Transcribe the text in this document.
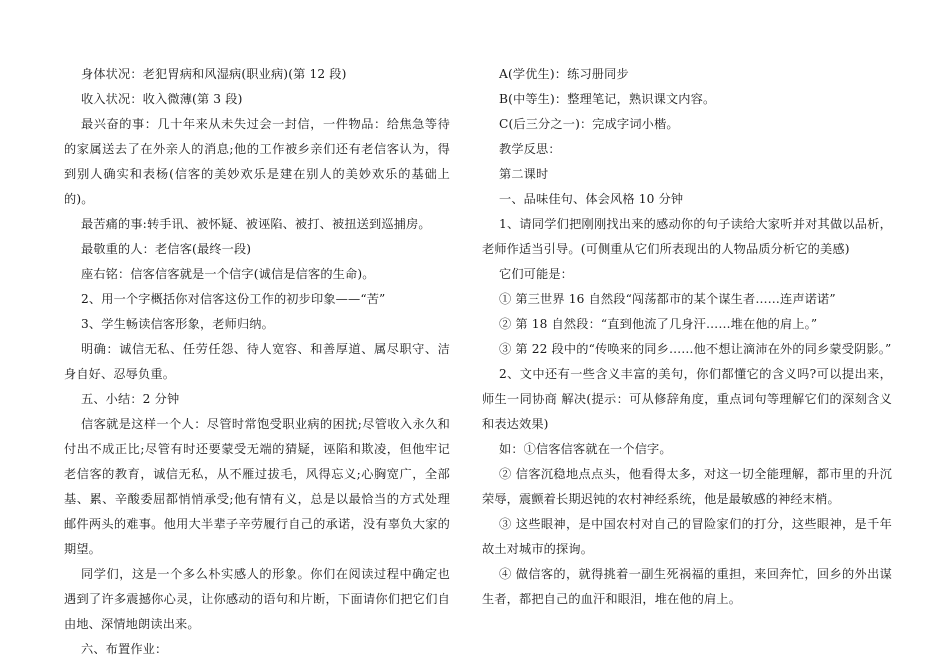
身体状况：老犯胃病和风湿病(职业病)(第 12 段)

收入状况：收入微薄(第 3 段)

最兴奋的事：几十年来从未失过会一封信，一件物品：给焦急等待的家属送去了在外亲人的消息;他的工作被乡亲们还有老信客认为，得到别人确实和表杨(信客的美妙欢乐是建在别人的美妙欢乐的基础上的)。

最苦痛的事:转手讯、被怀疑、被诬陷、被打、被扭送到巡捕房。

最敬重的人：老信客(最终一段)

座右铭：信客信客就是一个信字(诚信是信客的生命)。

2、用一个字概括你对信客这份工作的初步印象——“苦”

3、学生畅读信客形象，老师归纳。

明确：诚信无私、任劳任怨、待人宽容、和善厚道、属尽职守、洁身自好、忍辱负重。

五、小结：2 分钟

信客就是这样一个人：尽管时常饱受职业病的困扰;尽管收入永久和付出不成正比;尽管有时还要蒙受无端的猜疑，诬陷和欺凌，但他牢记老信客的教育，诚信无私，从不雁过拔毛，风得忘义;心胸宽广，全部基、累、辛酸委屈都悄悄承受;他有情有义，总是以最恰当的方式处理邮件两头的难事。他用大半辈子辛劳履行自己的承诺，没有辜负大家的期望。

同学们，这是一个多么朴实感人的形象。你们在阅读过程中确定也遇到了许多震撼你心灵，让你感动的语句和片断，下面请你们把它们自由地、深情地朗读出来。

六、布置作业：

A(学优生)：练习册同步

B(中等生)：整理笔记，熟识课文内容。

C(后三分之一)：完成字词小楷。

教学反思：

第二课时

一、品味佳句、体会风格 10 分钟

1、请同学们把刚刚找出来的感动你的句子读给大家听并对其做以品析，老师作适当引导。(可侧重从它们所表现出的人物品质分析它的美感)

它们可能是：

① 第三世界 16 自然段“闯荡都市的某个谋生者……连声诺诺”

② 第 18 自然段：“直到他流了几身汗……堆在他的肩上。”

③ 第 22 段中的“传唤来的同乡……他不想让滴沛在外的同乡蒙受阴影。”

2、文中还有一些含义丰富的美句，你们都懂它的含义吗?可以提出来，师生一同协商 解决(提示：可从修辞角度，重点词句等理解它们的深刻含义和表达效果)

如：①信客信客就在一个信字。

② 信客沉稳地点点头，他看得太多，对这一切全能理解，都市里的升沉荣辱，震颤着长期迟钝的农村神经系统，他是最敏感的神经末梢。

③ 这些眼神，是中国农村对自己的冒险家们的打分，这些眼神，是千年故土对城市的探询。

④ 做信客的，就得挑着一副生死祸福的重担，来回奔忙，回乡的外出谋生者，都把自己的血汗和眼泪，堆在他的肩上。
